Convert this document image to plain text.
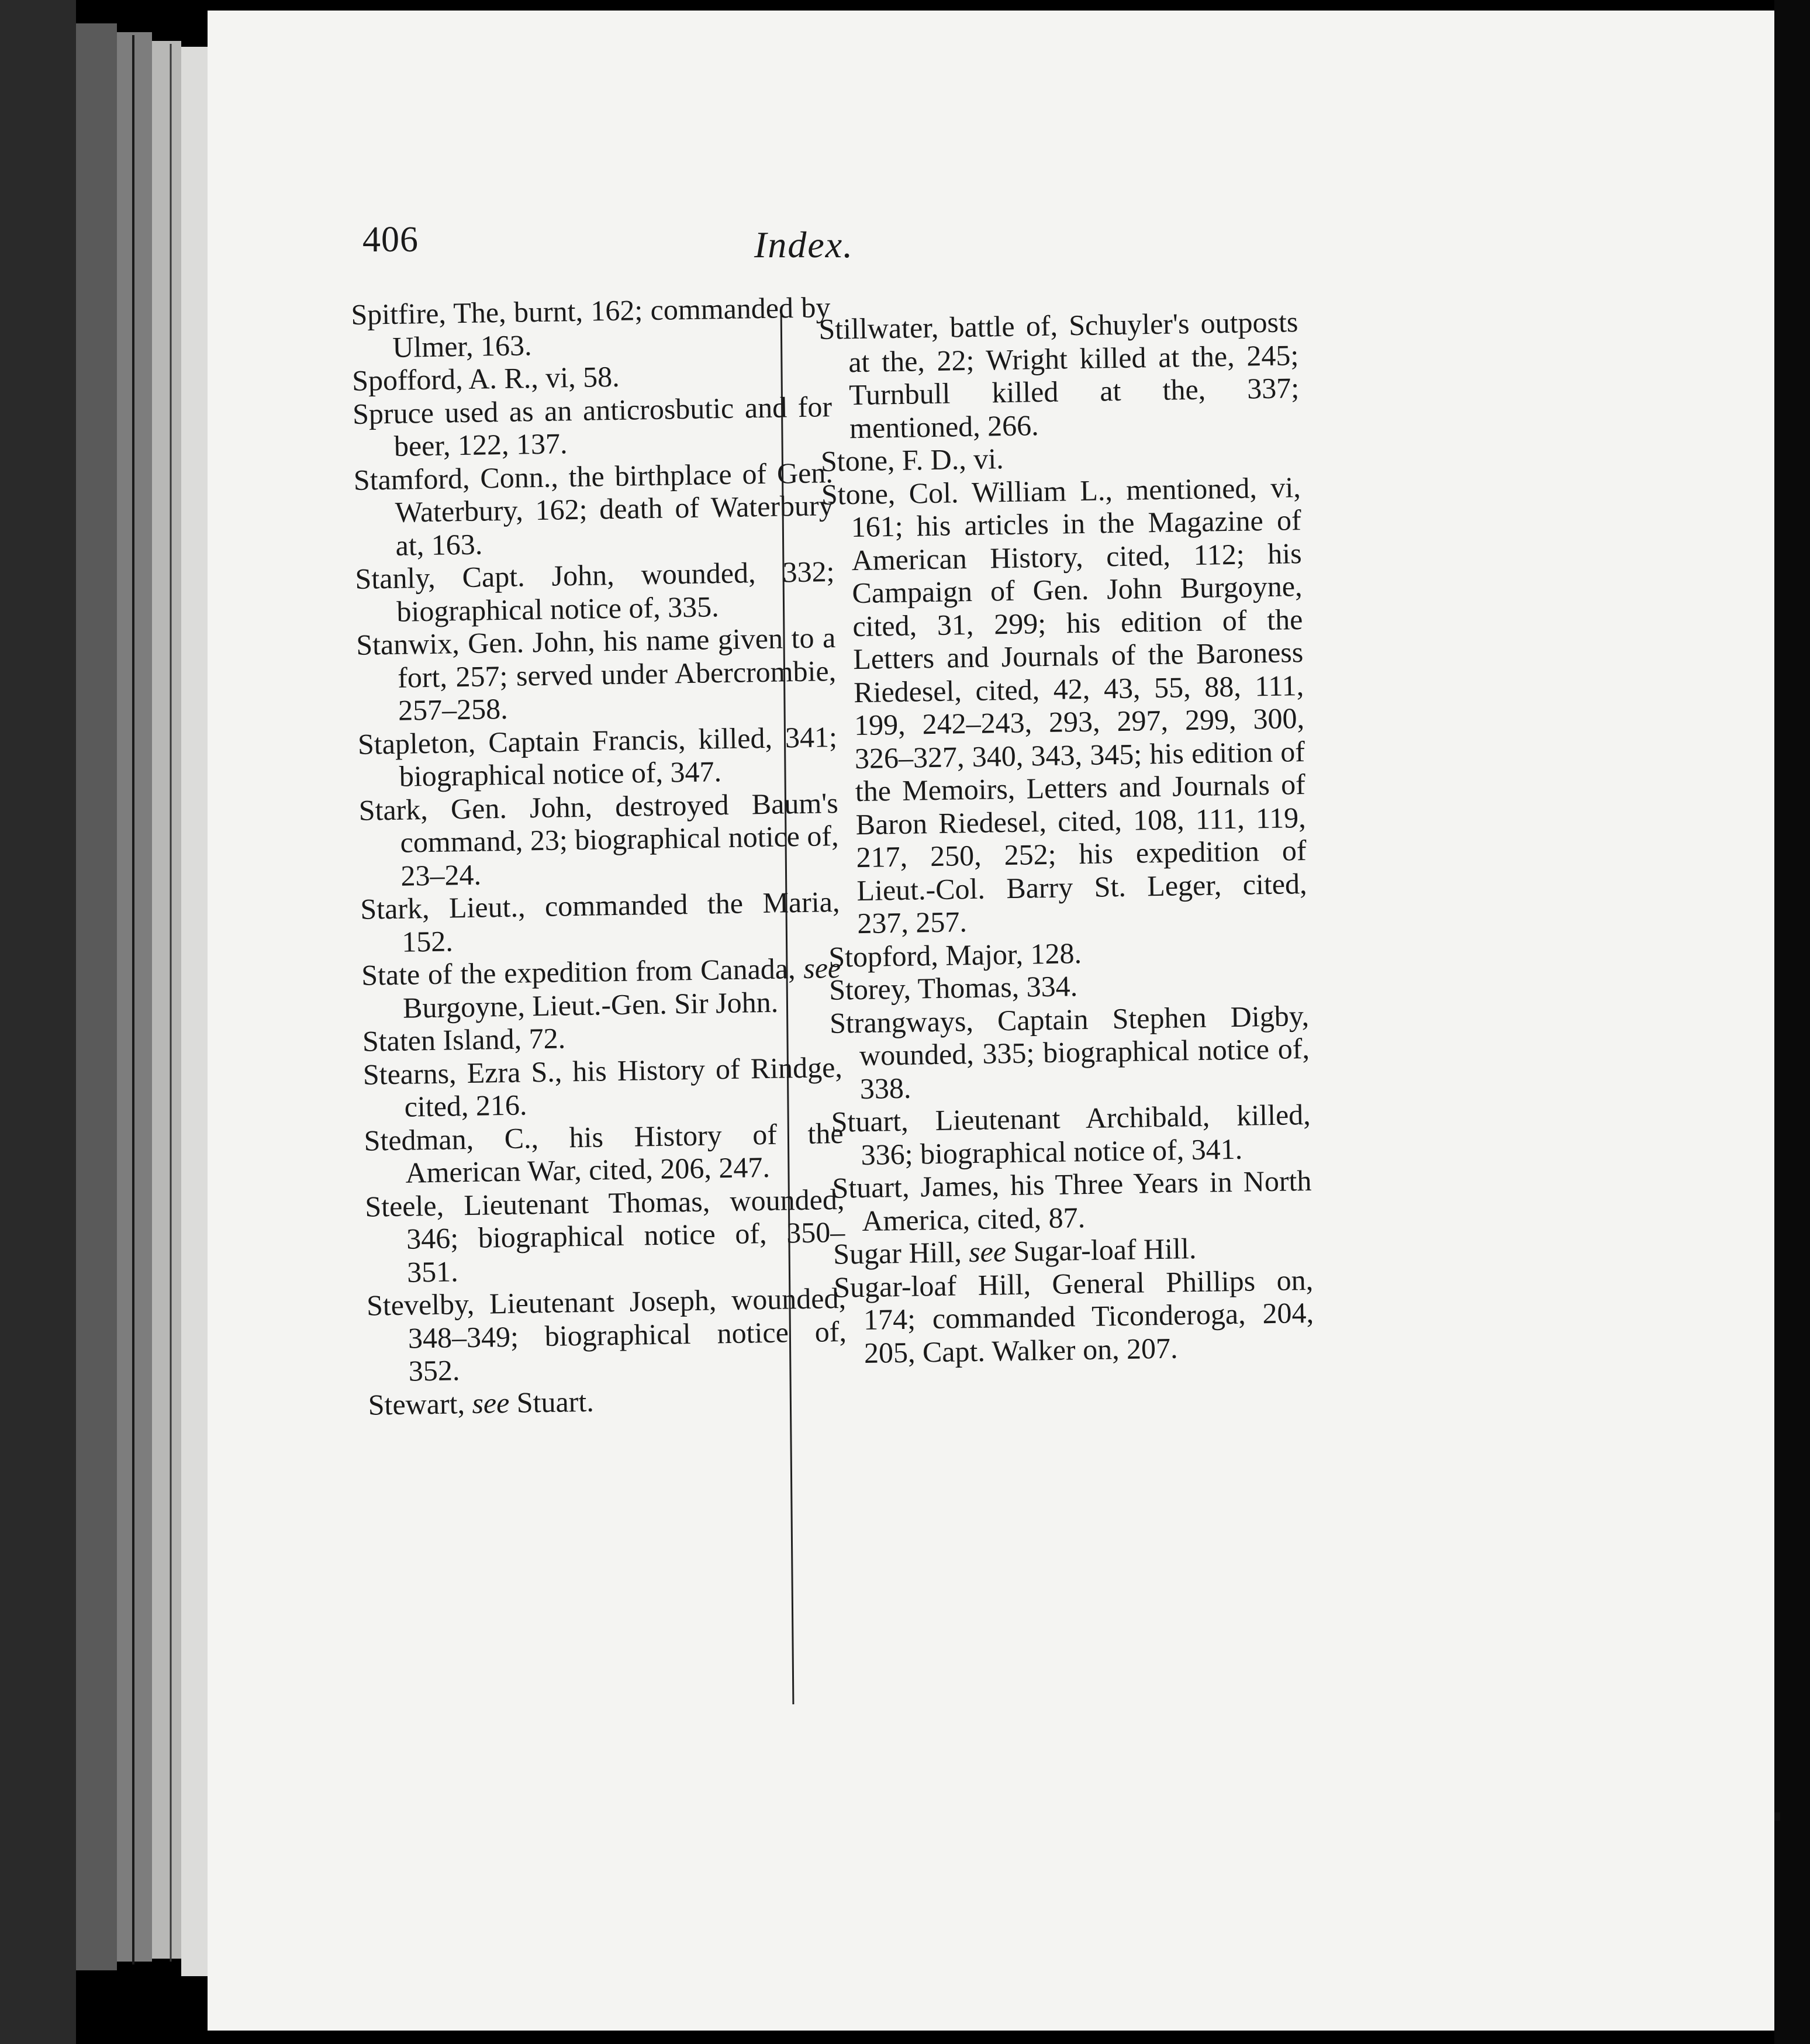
406	Index.
Spitfire, The, burnt, 162; commanded by Ulmer, 163.
Spofford, A. R., vi, 58.
Spruce used as an anticrosbutic and for beer, 122, 137.
Stamford, Conn., the birthplace of Gen. Waterbury, 162; death of Waterbury at, 163.
Stanly, Capt. John, wounded, 332; biographical notice of, 335.
Stanwix, Gen. John, his name given to a fort, 257; served under Abercrombie, 257–258.
Stapleton, Captain Francis, killed, 341; biographical notice of, 347.
Stark, Gen. John, destroyed Baum's command, 23; biographical notice of, 23–24.
Stark, Lieut., commanded the Maria, 152.
State of the expedition from Canada, see Burgoyne, Lieut.-Gen. Sir John.
Staten Island, 72.
Stearns, Ezra S., his History of Rindge, cited, 216.
Stedman, C., his History of the American War, cited, 206, 247.
Steele, Lieutenant Thomas, wounded, 346; biographical notice of, 350–351.
Stevelby, Lieutenant Joseph, wounded, 348–349; biographical notice of, 352.
Stewart, see Stuart.
Stillwater, battle of, Schuyler's outposts at the, 22; Wright killed at the, 245; Turnbull killed at the, 337; mentioned, 266.
Stone, F. D., vi.
Stone, Col. William L., mentioned, vi, 161; his articles in the Magazine of American History, cited, 112; his Campaign of Gen. John Burgoyne, cited, 31, 299; his edition of the Letters and Journals of the Baroness Riedesel, cited, 42, 43, 55, 88, 111, 199, 242–243, 293, 297, 299, 300, 326–327, 340, 343, 345; his edition of the Memoirs, Letters and Journals of Baron Riedesel, cited, 108, 111, 119, 217, 250, 252; his expedition of Lieut.-Col. Barry St. Leger, cited, 237, 257.
Stopford, Major, 128.
Storey, Thomas, 334.
Strangways, Captain Stephen Digby, wounded, 335; biographical notice of, 338.
Stuart, Lieutenant Archibald, killed, 336; biographical notice of, 341.
Stuart, James, his Three Years in North America, cited, 87.
Sugar Hill, see Sugar-loaf Hill.
Sugar-loaf Hill, General Phillips on, 174; commanded Ticonderoga, 204, 205, Capt. Walker on, 207.
